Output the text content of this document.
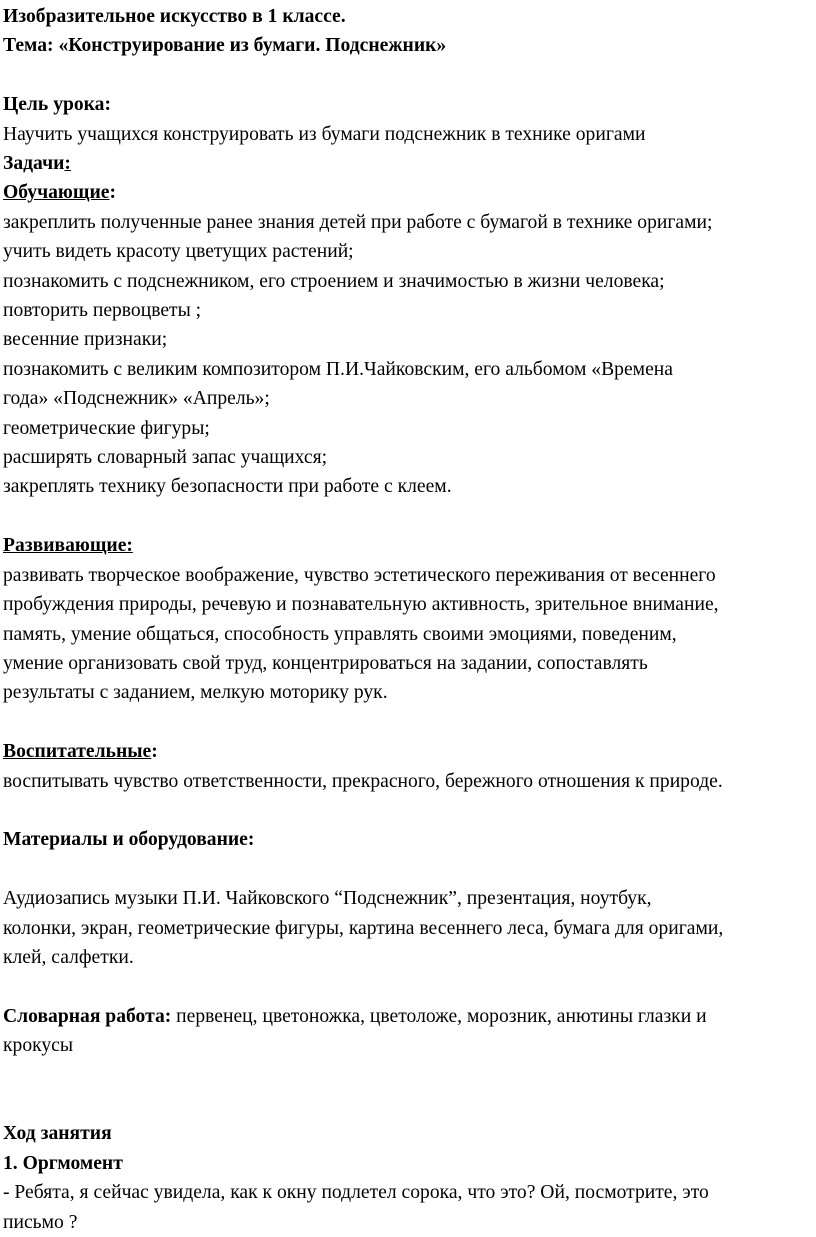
Изобразительное искусство в 1 классе.
Тема: «Конструирование из бумаги. Подснежник»
Цель урока:
Научить учащихся конструировать из бумаги подснежник в технике оригами
Задачи:
Обучающие:
закреплить полученные ранее знания детей при работе с бумагой в технике оригами;
учить видеть красоту цветущих растений;
познакомить с подснежником, его строением и значимостью в жизни человека;
повторить первоцветы ;
весенние признаки;
познакомить с великим композитором П.И.Чайковским, его альбомом «Времена
года» «Подснежник» «Апрель»;
геометрические фигуры;
расширять словарный запас учащихся;
закреплять технику безопасности при работе с клеем.
Развивающие:
развивать творческое воображение, чувство эстетического переживания от весеннего
пробуждения природы, речевую и познавательную активность, зрительное внимание,
память, умение общаться, способность управлять своими эмоциями, поведеним,
умение организовать свой труд, концентрироваться на задании, сопоставлять
результаты с заданием, мелкую моторику рук.
Воспитательные:
воспитывать чувство ответственности, прекрасного, бережного отношения к природе.
Материалы и оборудование:
Аудиозапись музыки П.И. Чайковского “Подснежник”, презентация, ноутбук,
колонки, экран, геометрические фигуры, картина весеннего леса, бумага для оригами,
клей, салфетки.
Словарная работа: первенец, цветоножка, цветоложе, морозник, анютины глазки и
крокусы
Ход занятия
1. Оргмомент
- Ребята, я сейчас увидела, как к окну подлетел сорока, что это? Ой, посмотрите, это
письмо ?
